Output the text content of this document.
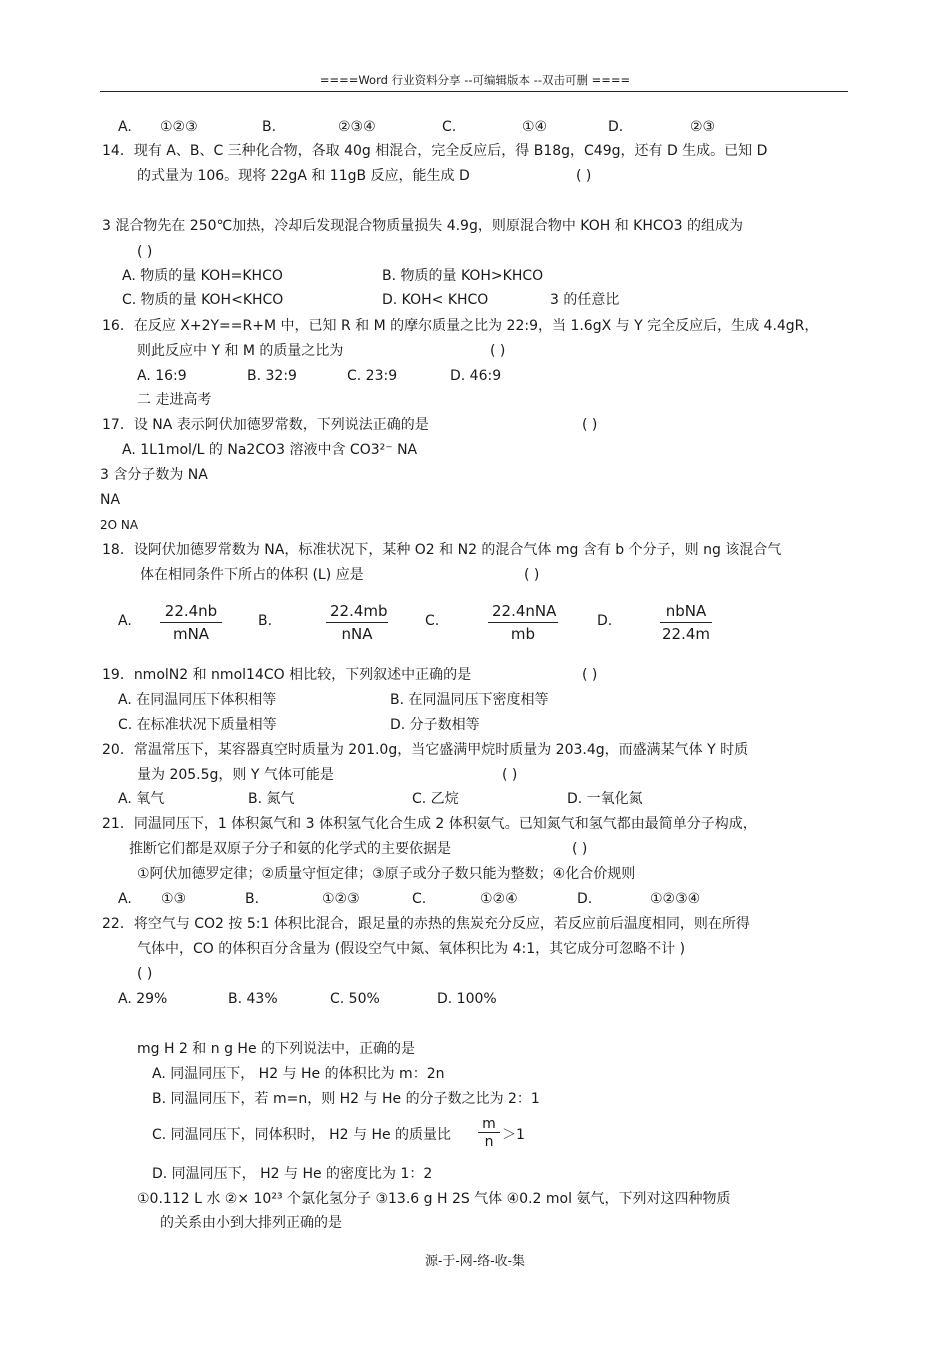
====Word 行业资料分享 --可编辑版本 --双击可删 ====
A. ①②③	B.	②③④	C.	①④	D.	②③
14．现有 A、B、C 三种化合物，各取 40g 相混合，完全反应后，得 B18g，C49g，还有 D 生成。已知 D
的式量为 106。现将 22gA 和 11gB 反应，能生成 D	( )
3 混合物先在 250℃加热，冷却后发现混合物质量损失 4.9g，则原混合物中 KOH 和 KHCO3 的组成为
( )
A. 物质的量 KOH=KHCO	B. 物质的量 KOH>KHCO
C. 物质的量 KOH<KHCO	D. KOH< KHCO	3 的任意比
16．在反应 X+2Y==R+M 中，已知 R 和 M 的摩尔质量之比为 22:9，当 1.6gX 与 Y 完全反应后，生成 4.4gR，
则此反应中 Y 和 M 的质量之比为	( )
A. 16:9	B. 32:9	C. 23:9	D. 46:9
二 走进高考
17．设 NA 表示阿伏加德罗常数，下列说法正确的是	( )
A. 1L1mol/L 的 Na2CO3 溶液中含 CO3²⁻ NA
3 含分子数为 NA
NA
2O NA
18．设阿伏加德罗常数为 NA，标准状况下，某种 O2 和 N2 的混合气体 mg 含有 b 个分子，则 ng 该混合气
体在相同条件下所占的体积 (L) 应是	( )
A.
22.4nb
mNA
B.
22.4mb
nNA
C.
22.4nNA
mb
D.
nbNA
22.4m
19．nmolN2 和 nmol14CO 相比较，下列叙述中正确的是	( )
A. 在同温同压下体积相等	B. 在同温同压下密度相等
C. 在标准状况下质量相等	D. 分子数相等
20．常温常压下，某容器真空时质量为 201.0g，当它盛满甲烷时质量为 203.4g，而盛满某气体 Y 时质
量为 205.5g，则 Y 气体可能是	( )
A. 氧气	B. 氮气	C. 乙烷	D. 一氧化氮
21．同温同压下，1 体积氮气和 3 体积氢气化合生成 2 体积氨气。已知氮气和氢气都由最简单分子构成，
推断它们都是双原子分子和氨的化学式的主要依据是	( )
①阿伏加德罗定律；②质量守恒定律；③原子或分子数只能为整数；④化合价规则
A. ①③	B.	①②③	C.	①②④	D.	①②③④
22．将空气与 CO2 按 5:1 体积比混合，跟足量的赤热的焦炭充分反应，若反应前后温度相同，则在所得
气体中，CO 的体积百分含量为 (假设空气中氮、氧体积比为 4:1，其它成分可忽略不计 )
( )
A. 29%	B. 43%	C. 50%	D. 100%
mg H 2 和 n g He 的下列说法中，正确的是
A. 同温同压下， H2 与 He 的体积比为 m：2n
B. 同温同压下，若 m=n，则 H2 与 He 的分子数之比为 2：1
C. 同温同压下，同体积时， H2 与 He 的质量比 $\frac{m}{n} >1$
D. 同温同压下， H2 与 He 的密度比为 1：2
①0.112 L 水 ②× 10²³ 个氯化氢分子 ③13.6 g H 2S 气体 ④0.2 mol 氨气，下列对这四种物质
的关系由小到大排列正确的是
源-于-网-络-收-集
